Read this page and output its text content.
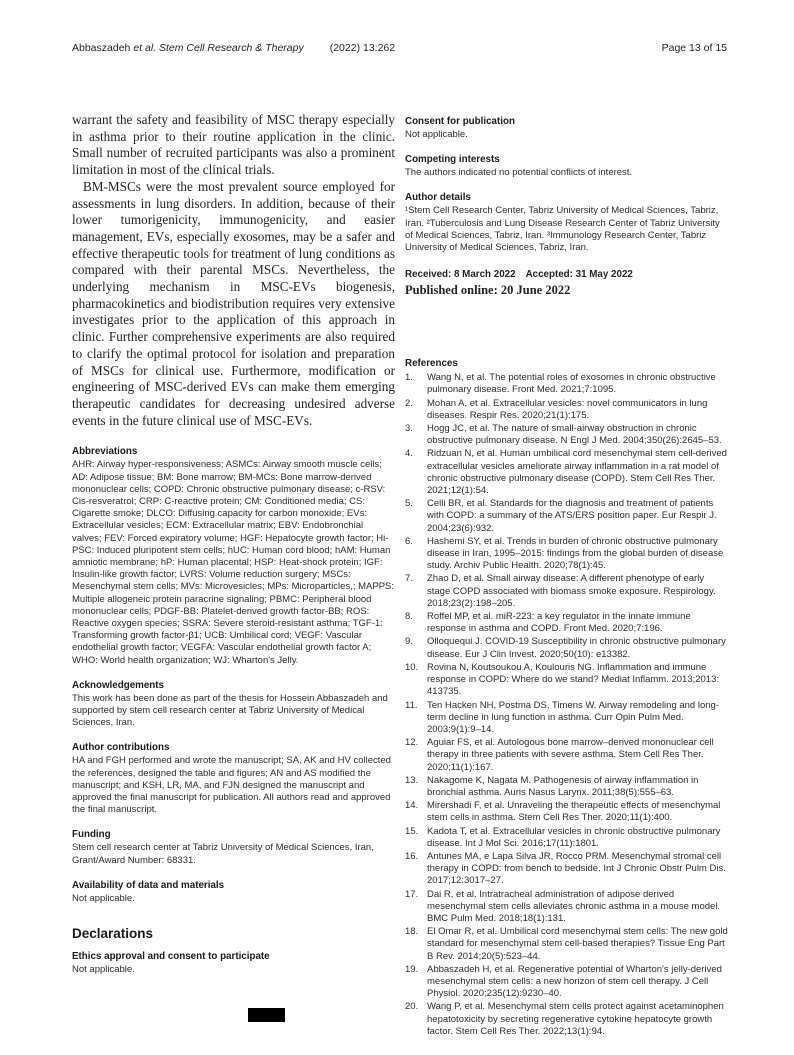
Abbaszadeh et al. Stem Cell Research & Therapy (2022) 13:262	Page 13 of 15

warrant the safety and feasibility of MSC therapy especially in asthma prior to their routine application in the clinic. Small number of recruited participants was also a prominent limitation in most of the clinical trials.

BM-MSCs were the most prevalent source employed for assessments in lung disorders. In addition, because of their lower tumorigenicity, immunogenicity, and easier management, EVs, especially exosomes, may be a safer and effective therapeutic tools for treatment of lung conditions as compared with their parental MSCs. Nevertheless, the underlying mechanism in MSC-EVs biogenesis, pharmacokinetics and biodistribution requires very extensive investigates prior to the application of this approach in clinic. Further comprehensive experiments are also required to clarify the optimal protocol for isolation and preparation of MSCs for clinical use. Furthermore, modification or engineering of MSC-derived EVs can make them emerging therapeutic candidates for decreasing undesired adverse events in the future clinical use of MSC-EVs.

Abbreviations
AHR: Airway hyper-responsiveness; ASMCs: Airway smooth muscle cells; AD: Adipose tissue; BM: Bone marrow; BM-MCs: Bone marrow-derived mononuclear cells; COPD: Chronic obstructive pulmonary disease; c-RSV: Cis-resveratrol; CRP: C-reactive protein; CM: Conditioned media; CS: Cigarette smoke; DLCO: Diffusing capacity for carbon monoxide; EVs: Extracellular vesicles; ECM: Extracellular matrix; EBV: Endobronchial valves; FEV: Forced expiratory volume; HGF: Hepatocyte growth factor; Hi-PSC: Induced pluripotent stem cells; hUC: Human cord blood; hAM: Human amniotic membrane; hP: Human placental; HSP: Heat-shock protein; IGF: Insulin-like growth factor; LVRS: Volume reduction surgery; MSCs: Mesenchymal stem cells; MVs: Microvesicles; MPs: Microparticles,; MAPPS: Multiple allogeneic protein paracrine signaling; PBMC: Peripheral blood mononuclear cells; PDGF-BB: Platelet-derived growth factor-BB; ROS: Reactive oxygen species; SSRA: Severe steroid-resistant asthma; TGF-1: Transforming growth factor-β1; UCB: Umbilical cord; VEGF: Vascular endothelial growth factor; VEGFA: Vascular endothelial growth factor A; WHO: World health organization; WJ: Wharton's Jelly.
Acknowledgements
This work has been done as part of the thesis for Hossein Abbaszadeh and supported by stem cell research center at Tabriz University of Medical Sciences, Iran.
Author contributions
HA and FGH performed and wrote the manuscript; SA, AK and HV collected the references, designed the table and figures; AN and AS modified the manuscript; and KSH, LR, MA, and FJN designed the manuscript and approved the final manuscript for publication. All authors read and approved the final manuscript.
Funding
Stem cell research center at Tabriz University of Medical Sciences, Iran, Grant/Award Number: 68331.
Availability of data and materials
Not applicable.
Declarations
Ethics approval and consent to participate
Not applicable.
Consent for publication
Not applicable.
Competing interests
The authors indicated no potential conflicts of interest.
Author details
¹Stem Cell Research Center, Tabriz University of Medical Sciences, Tabriz, Iran. ²Tuberculosis and Lung Disease Research Center of Tabriz University of Medical Sciences, Tabriz, Iran. ³Immunology Research Center, Tabriz University of Medical Sciences, Tabriz, Iran.
Received: 8 March 2022 Accepted: 31 May 2022
Published online: 20 June 2022
References
1.	Wang N, et al. The potential roles of exosomes in chronic obstructive pulmonary disease. Front Med. 2021;7:1095.
2.	Mohan A, et al. Extracellular vesicles: novel communicators in lung diseases. Respir Res. 2020;21(1):175.
3.	Hogg JC, et al. The nature of small-airway obstruction in chronic obstructive pulmonary disease. N Engl J Med. 2004;350(26):2645–53.
4.	Ridzuan N, et al. Human umbilical cord mesenchymal stem cell-derived extracellular vesicles ameliorate airway inflammation in a rat model of chronic obstructive pulmonary disease (COPD). Stem Cell Res Ther. 2021;12(1):54.
5.	Celli BR, et al. Standards for the diagnosis and treatment of patients with COPD: a summary of the ATS/ERS position paper. Eur Respir J. 2004;23(6):932.
6.	Hashemi SY, et al. Trends in burden of chronic obstructive pulmonary disease in Iran, 1995–2015: findings from the global burden of disease study. Archiv Public Health. 2020;78(1):45.
7.	Zhao D, et al. Small airway disease: A different phenotype of early stage COPD associated with biomass smoke exposure. Respirology. 2018;23(2):198–205.
8.	Roffel MP, et al. miR-223: a key regulator in the innate immune response in asthma and COPD. Front Med. 2020;7:196.
9.	Olloquequi J. COVID-19 Susceptibility in chronic obstructive pulmonary disease. Eur J Clin Invest. 2020;50(10): e13382.
10. Rovina N, Koutsoukou A, Koulouris NG. Inflammation and immune response in COPD: Where do we stand? Mediat Inflamm. 2013;2013: 413735.
11. Ten Hacken NH, Postma DS, Timens W. Airway remodeling and long-term decline in lung function in asthma. Curr Opin Pulm Med. 2003;9(1):9–14.
12. Aguiar FS, et al. Autologous bone marrow–derived mononuclear cell therapy in three patients with severe asthma. Stem Cell Res Ther. 2020;11(1):167.
13. Nakagome K, Nagata M. Pathogenesis of airway inflammation in bronchial asthma. Auris Nasus Larynx. 2011;38(5):555–63.
14. Mirershadi F, et al. Unraveling the therapeutic effects of mesenchymal stem cells in asthma. Stem Cell Res Ther. 2020;11(1):400.
15. Kadota T, et al. Extracellular vesicles in chronic obstructive pulmonary disease. Int J Mol Sci. 2016;17(11):1801.
16. Antunes MA, e Lapa Silva JR, Rocco PRM. Mesenchymal stromal cell therapy in COPD: from bench to bedside. Int J Chronic Obstr Pulm Dis. 2017;12:3017–27.
17. Dai R, et al. Intratracheal administration of adipose derived mesenchymal stem cells alleviates chronic asthma in a mouse model. BMC Pulm Med. 2018;18(1):131.
18. El Omar R, et al. Umbilical cord mesenchymal stem cells: The new gold standard for mesenchymal stem cell-based therapies? Tissue Eng Part B Rev. 2014;20(5):523–44.
19. Abbaszadeh H, et al. Regenerative potential of Wharton's jelly-derived mesenchymal stem cells: a new horizon of stem cell therapy. J Cell Physiol. 2020;235(12):9230–40.
20. Wang P, et al. Mesenchymal stem cells protect against acetaminophen hepatotoxicity by secreting regenerative cytokine hepatocyte growth factor. Stem Cell Res Ther. 2022;13(1):94.
